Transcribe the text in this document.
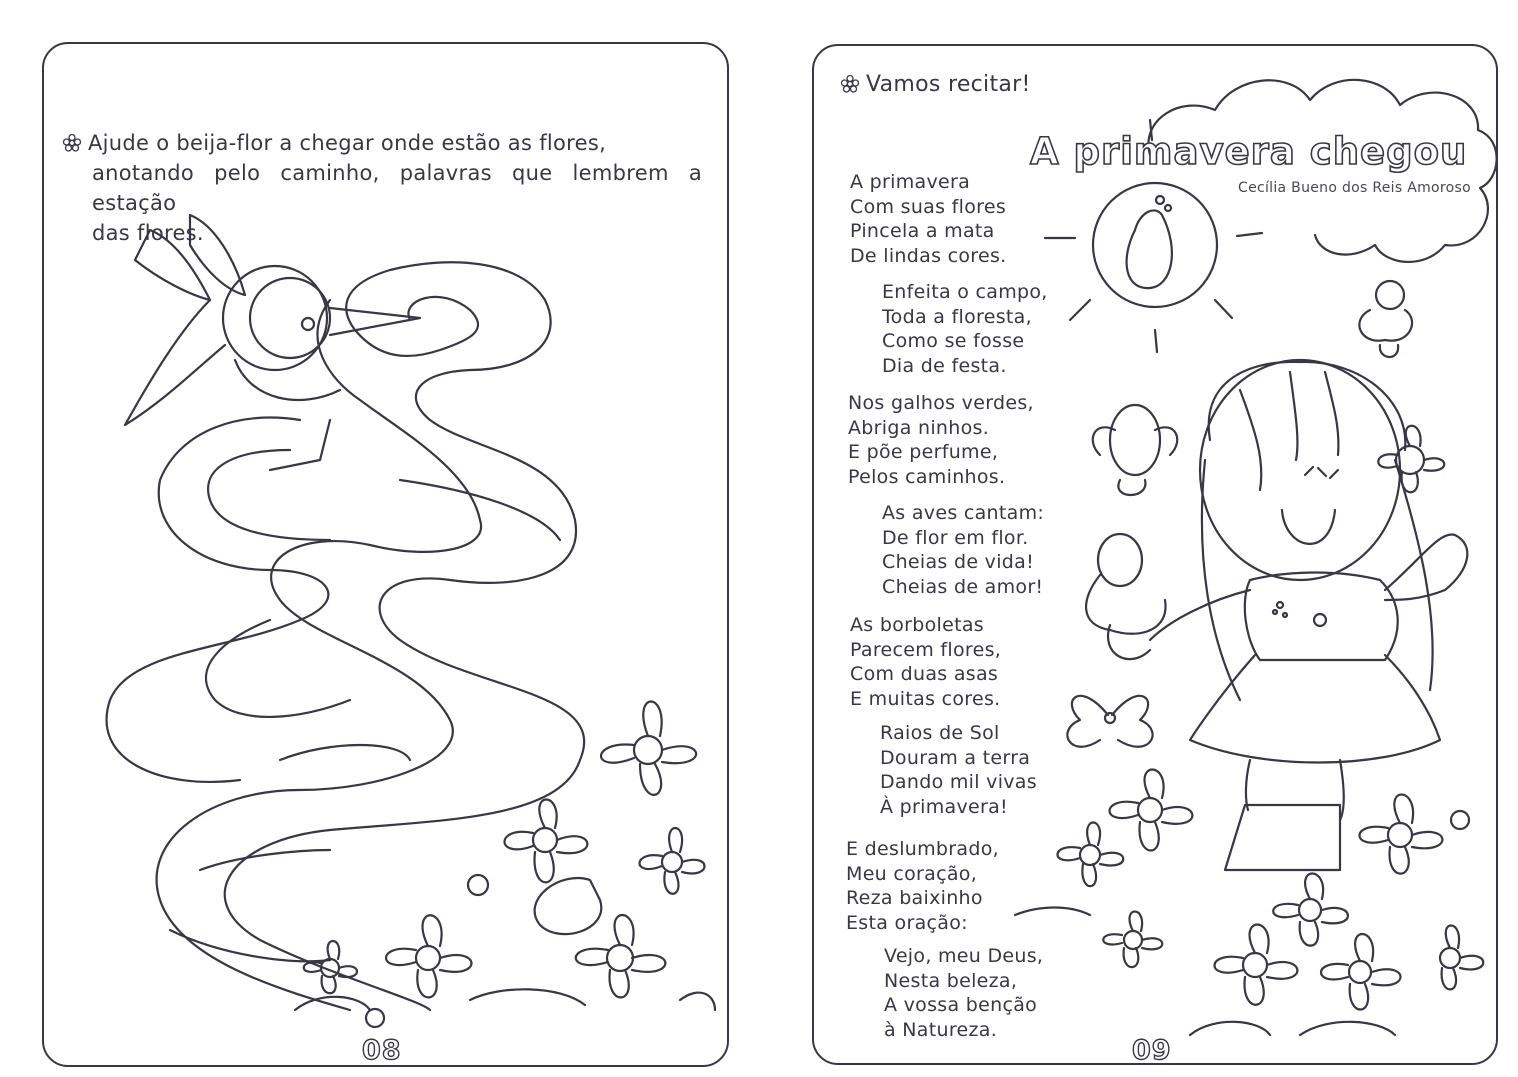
Ajude o beija-flor a chegar onde estão as flores,
anotando pelo caminho, palavras que lembrem a estação
das flores.
08
Vamos recitar!
A primavera chegou
Cecília Bueno dos Reis Amoroso
A primavera
Com suas flores
Pincela a mata
De lindas cores.
Enfeita o campo,
Toda a floresta,
Como se fosse
Dia de festa.
Nos galhos verdes,
Abriga ninhos.
E põe perfume,
Pelos caminhos.
As aves cantam:
De flor em flor.
Cheias de vida!
Cheias de amor!
As borboletas
Parecem flores,
Com duas asas
E muitas cores.
Raios de Sol
Douram a terra
Dando mil vivas
À primavera!
E deslumbrado,
Meu coração,
Reza baixinho
Esta oração:
Vejo, meu Deus,
Nesta beleza,
A vossa benção
à Natureza.
09
